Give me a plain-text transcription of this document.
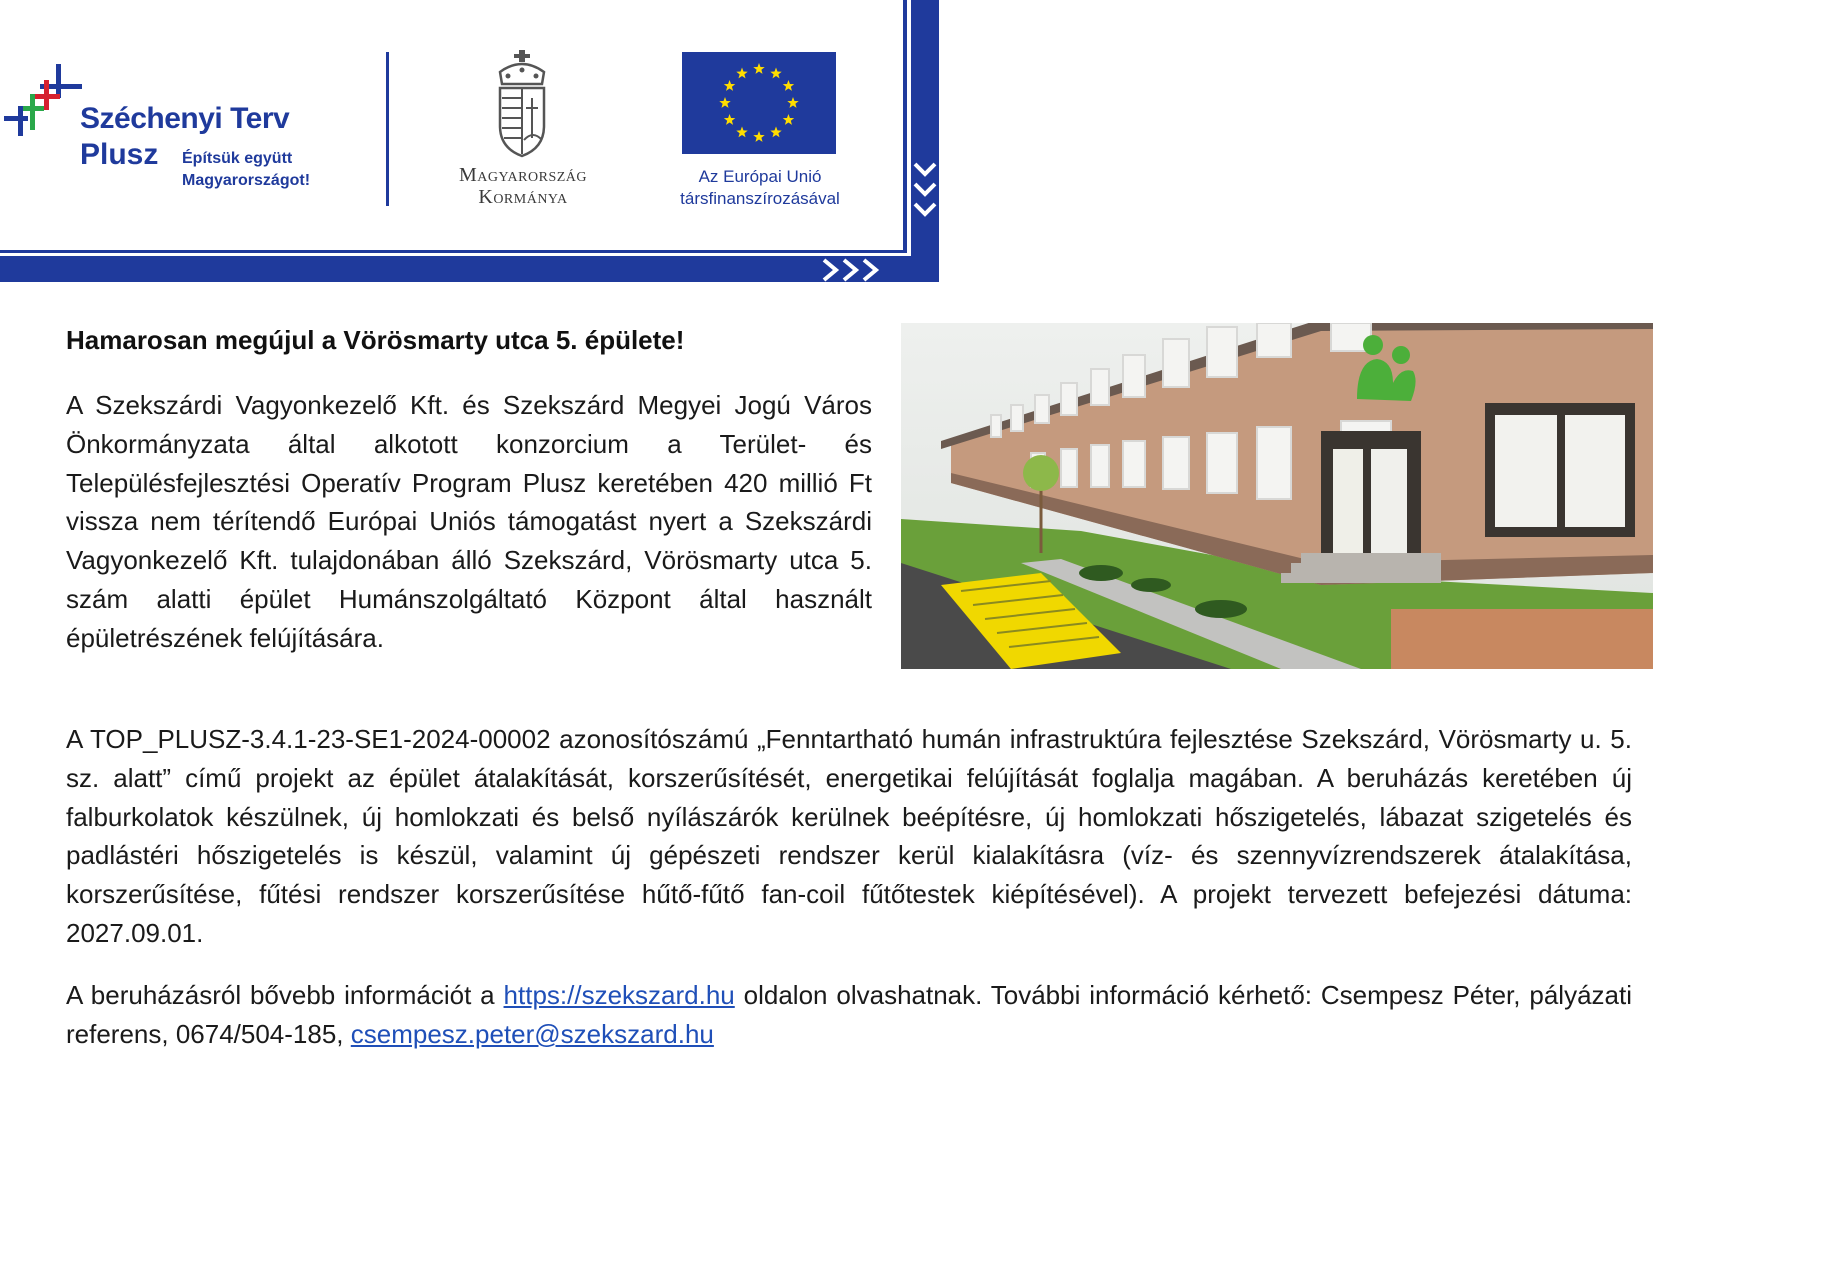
Széchenyi Terv
Plusz Építsük együtt
Magyarországot!	Magyarország
Kormánya
Az Európai Unió
társfinanszírozásával
Hamarosan megújul a Vörösmarty utca 5. épülete!

A Szekszárdi Vagyonkezelő Kft. és Szekszárd Megyei Jogú Város Önkormányzata által alkotott konzorcium a Terület- és Településfejlesztési Operatív Program Plusz keretében 420 millió Ft vissza nem térítendő Európai Uniós támogatást nyert a Szekszárdi Vagyonkezelő Kft. tulajdonában álló Szekszárd, Vörösmarty utca 5. szám alatti épület Humánszolgáltató Központ által használt épületrészének felújítására.

A TOP_PLUSZ-3.4.1-23-SE1-2024-00002 azonosítószámú „Fenntartható humán infrastruktúra fejlesztése Szekszárd, Vörösmarty u. 5. sz. alatt” című projekt az épület átalakítását, korszerűsítését, energetikai felújítását foglalja magában. A beruházás keretében új falburkolatok készülnek, új homlokzati és belső nyílászárók kerülnek beépítésre, új homlokzati hőszigetelés, lábazat szigetelés és padlástéri hőszigetelés is készül, valamint új gépészeti rendszer kerül kialakításra (víz- és szennyvízrendszerek átalakítása, korszerűsítése, fűtési rendszer korszerűsítése hűtő-fűtő fan-coil fűtőtestek kiépítésével). A projekt tervezett befejezési dátuma: 2027.09.01.

A beruházásról bővebb információt a https://szekszard.hu oldalon olvashatnak. További információ kérhető: Csempesz Péter, pályázati referens, 0674/504-185, csempesz.peter@szekszard.hu
